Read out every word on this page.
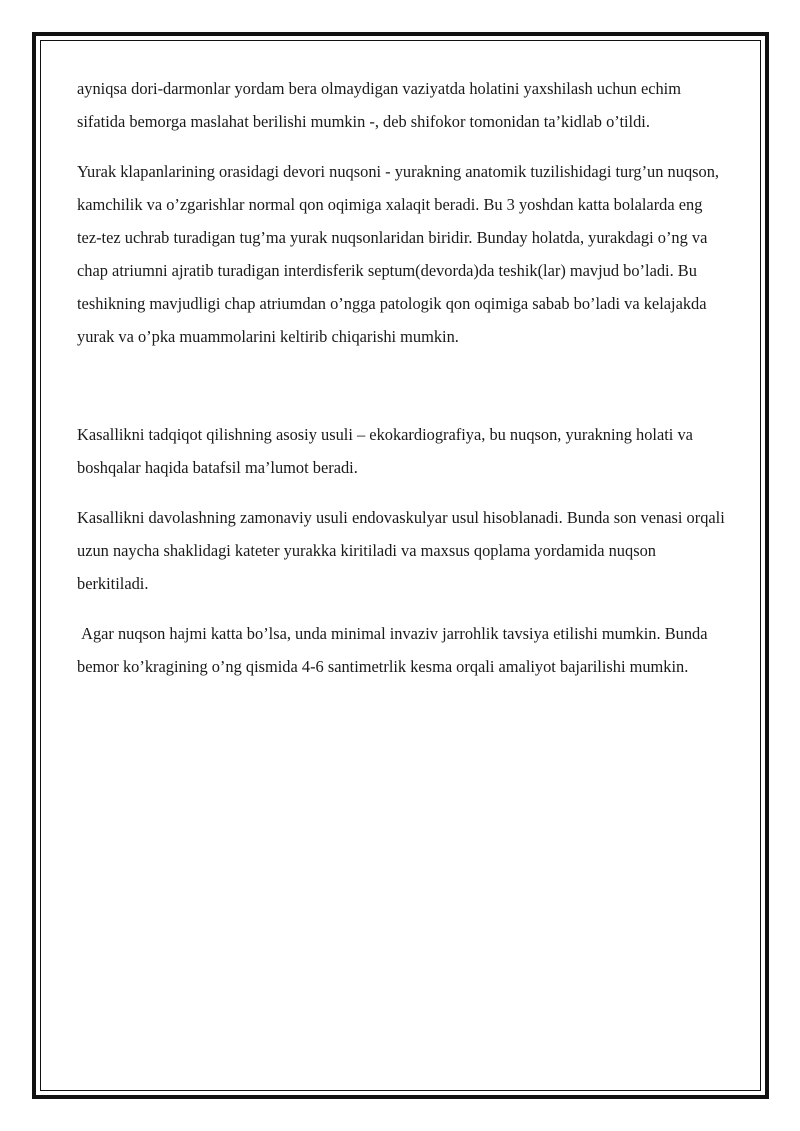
ayniqsa dori-darmonlar yordam bera olmaydigan vaziyatda holatini yaxshilash uchun echim sifatida bemorga maslahat berilishi mumkin -, deb shifokor tomonidan ta’kidlab o’tildi.

Yurak klapanlarining orasidagi devori nuqsoni - yurakning anatomik tuzilishidagi turg’un nuqson, kamchilik va o’zgarishlar normal qon oqimiga xalaqit beradi. Bu 3 yoshdan katta bolalarda eng tez-tez uchrab turadigan tug’ma yurak nuqsonlaridan biridir. Bunday holatda, yurakdagi o’ng va chap atriumni ajratib turadigan interdisferik septum(devorda)da teshik(lar) mavjud bo’ladi. Bu teshikning mavjudligi chap atriumdan o’ngga patologik qon oqimiga sabab bo’ladi va kelajakda yurak va o’pka muammolarini keltirib chiqarishi mumkin.

Kasallikni tadqiqot qilishning asosiy usuli – ekokardiografiya, bu nuqson, yurakning holati va boshqalar haqida batafsil ma’lumot beradi.

Kasallikni davolashning zamonaviy usuli endovaskulyar usul hisoblanadi. Bunda son venasi orqali uzun naycha shaklidagi kateter yurakka kiritiladi va maxsus qoplama yordamida nuqson berkitiladi.

Agar nuqson hajmi katta bo’lsa, unda minimal invaziv jarrohlik tavsiya etilishi mumkin. Bunda bemor ko’kragining o’ng qismida 4-6 santimetrlik kesma orqali amaliyot bajarilishi mumkin.
